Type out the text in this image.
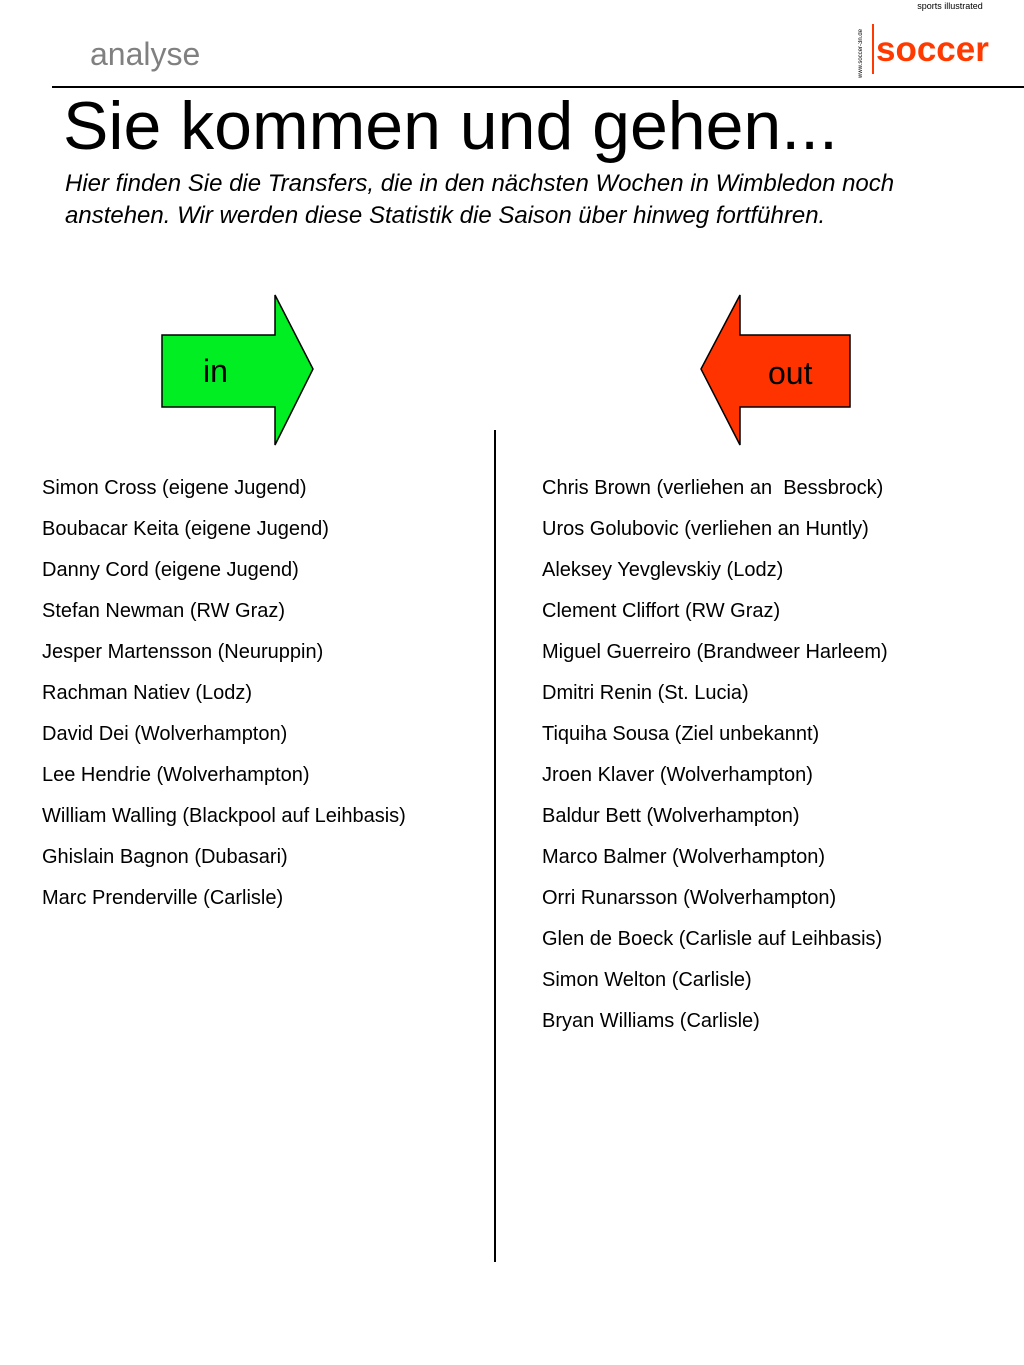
sports illustrated
analyse	www.soccer-3n.de soccer
Sie kommen und gehen...

Hier finden Sie die Transfers, die in den nächsten Wochen in Wimbledon noch anstehen. Wir werden diese Statistik die Saison über hinweg fortführen.

in	out
Simon Cross (eigene Jugend)
Boubacar Keita (eigene Jugend)
Danny Cord (eigene Jugend)
Stefan Newman (RW Graz)
Jesper Martensson (Neuruppin)
Rachman Natiev (Lodz)
David Dei (Wolverhampton)
Lee Hendrie (Wolverhampton)
William Walling (Blackpool auf Leihbasis)
Ghislain Bagnon (Dubasari)
Marc Prenderville (Carlisle)
Chris Brown (verliehen an  Bessbrock)
Uros Golubovic (verliehen an Huntly)
Aleksey Yevglevskiy (Lodz)
Clement Cliffort (RW Graz)
Miguel Guerreiro (Brandweer Harleem)
Dmitri Renin (St. Lucia)
Tiquiha Sousa (Ziel unbekannt)
Jroen Klaver (Wolverhampton)
Baldur Bett (Wolverhampton)
Marco Balmer (Wolverhampton)
Orri Runarsson (Wolverhampton)
Glen de Boeck (Carlisle auf Leihbasis)
Simon Welton (Carlisle)
Bryan Williams (Carlisle)
